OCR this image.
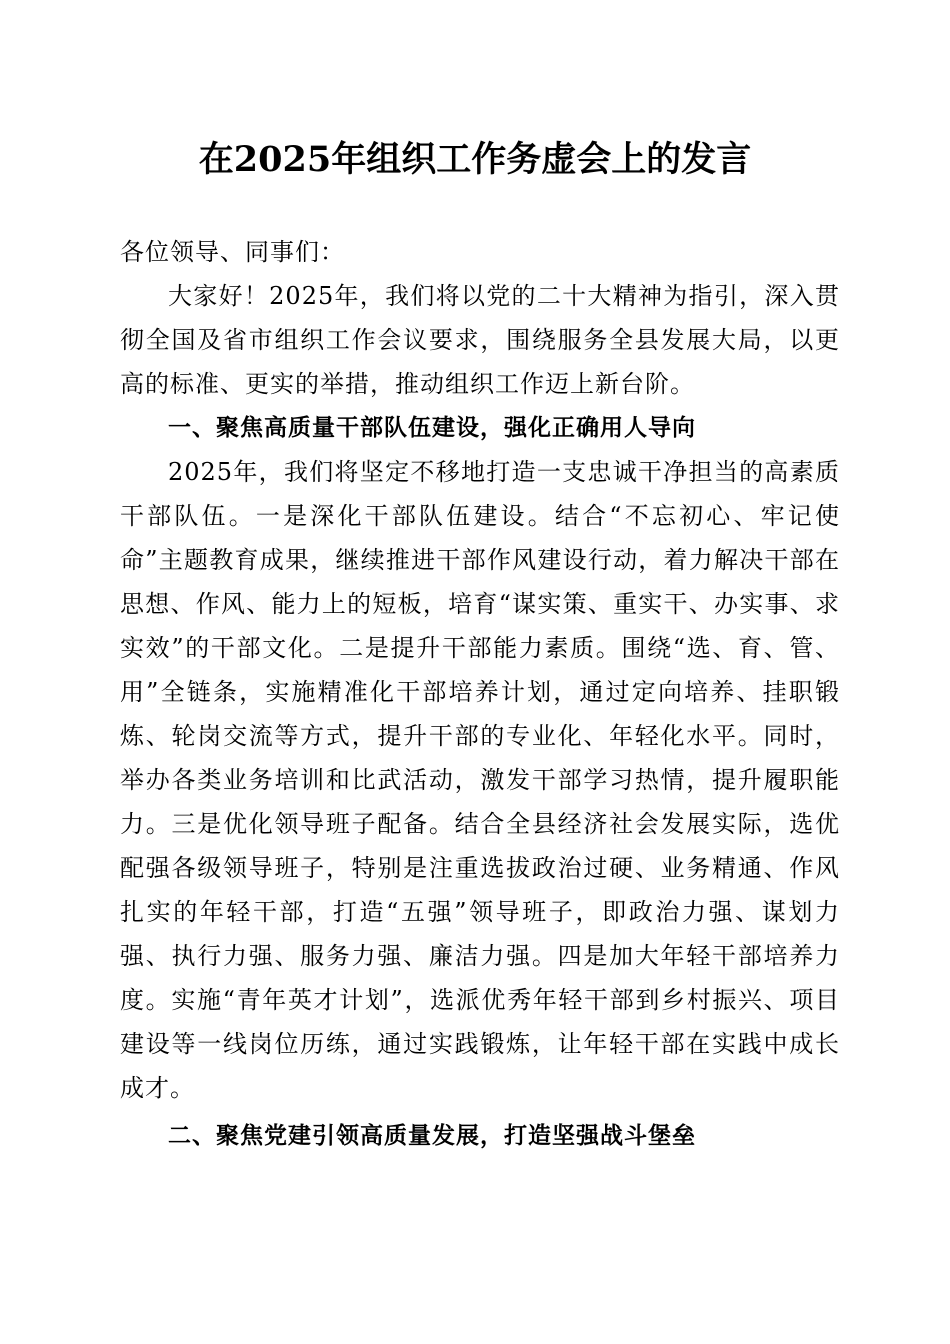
在2025年组织工作务虚会上的发言

各位领导、同事们：

大家好！2025年，我们将以党的二十大精神为指引，深入贯彻全国及省市组织工作会议要求，围绕服务全县发展大局，以更高的标准、更实的举措，推动组织工作迈上新台阶。

一、聚焦高质量干部队伍建设，强化正确用人导向

2025年，我们将坚定不移地打造一支忠诚干净担当的高素质干部队伍。一是深化干部队伍建设。结合“不忘初心、牢记使命”主题教育成果，继续推进干部作风建设行动，着力解决干部在思想、作风、能力上的短板，培育“谋实策、重实干、办实事、求实效”的干部文化。二是提升干部能力素质。围绕“选、育、管、用”全链条，实施精准化干部培养计划，通过定向培养、挂职锻炼、轮岗交流等方式，提升干部的专业化、年轻化水平。同时，举办各类业务培训和比武活动，激发干部学习热情，提升履职能力。三是优化领导班子配备。结合全县经济社会发展实际，选优配强各级领导班子，特别是注重选拔政治过硬、业务精通、作风扎实的年轻干部，打造“五强”领导班子，即政治力强、谋划力强、执行力强、服务力强、廉洁力强。四是加大年轻干部培养力度。实施“青年英才计划”，选派优秀年轻干部到乡村振兴、项目建设等一线岗位历练，通过实践锻炼，让年轻干部在实践中成长成才。

二、聚焦党建引领高质量发展，打造坚强战斗堡垒
